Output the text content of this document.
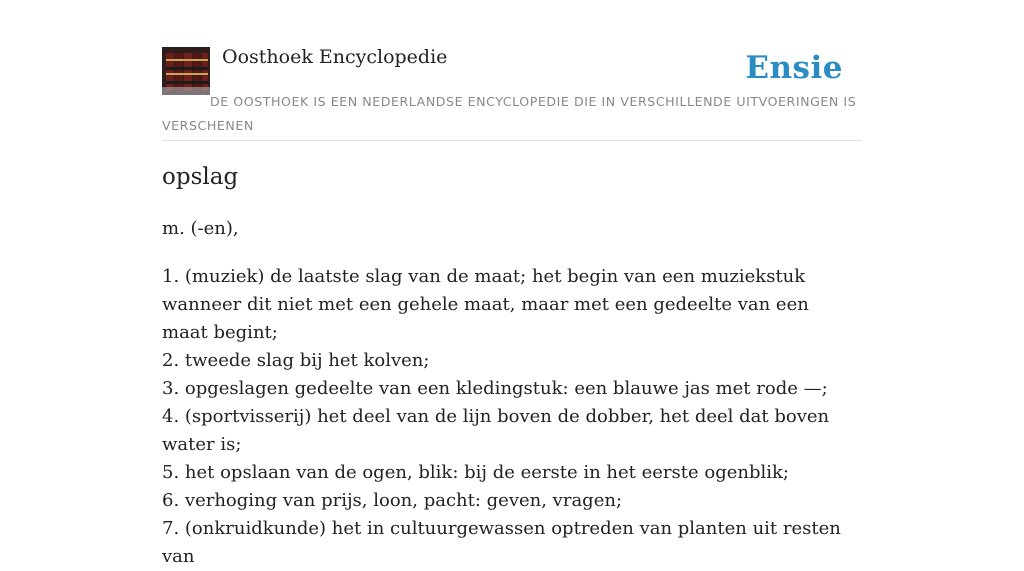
Oosthoek Encyclopedie	Ensie
DE OOSTHOEK IS EEN NEDERLANDSE ENCYCLOPEDIE DIE IN VERSCHILLENDE UITVOERINGEN IS VERSCHENEN
opslag
m. (-en),
1. (muziek) de laatste slag van de maat; het begin van een muziekstuk wanneer dit niet met een gehele maat, maar met een gedeelte van een maat begint;
2. tweede slag bij het kolven;
3. opgeslagen gedeelte van een kledingstuk: een blauwe jas met rode —;
4. (sportvisserij) het deel van de lijn boven de dobber, het deel dat boven water is;
5. het opslaan van de ogen, blik: bij de eerste in het eerste ogenblik;
6. verhoging van prijs, loon, pacht: geven, vragen;
7. (onkruidkunde) het in cultuurgewassen optreden van planten uit resten van
